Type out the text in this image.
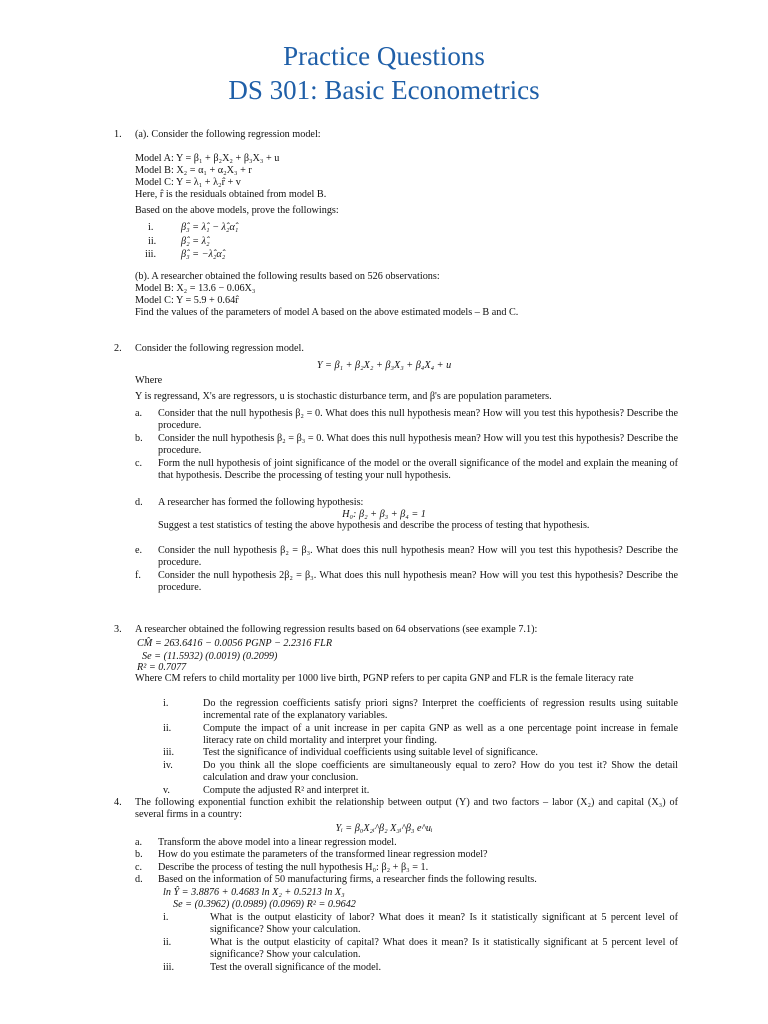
Practice Questions
DS 301: Basic Econometrics
1. (a). Consider the following regression model:
Model A: Y = β₁ + β₂X₂ + β₃X₃ + u
Model B: X₂ = α₁ + α₂X₃ + r
Model C: Y = λ₁ + λ₂r̂ + v
Here, r̂ is the residuals obtained from model B.
Based on the above models, prove the followings:
i.	β̂₃ = λ̂₁ − λ̂₂α̂₁
ii. β̂₂ = λ̂₂
iii. β̂₃ = −λ̂₂α̂₂
(b). A researcher obtained the following results based on 526 observations:
Model B: X₂ = 13.6 − 0.06X₃
Model C: Y = 5.9 + 0.64r̂
Find the values of the parameters of model A based on the above estimated models – B and C.
2. Consider the following regression model.
Y = β₁ + β₂X₂ + β₃X₃ + β₄X₄ + u
Where
Y is regressand, X's are regressors, u is stochastic disturbance term, and β's are population parameters.
a. Consider that the null hypothesis β₂ = 0. What does this null hypothesis mean? How will you test this hypothesis? Describe the procedure.
b. Consider the null hypothesis β₂ = β₃ = 0. What does this null hypothesis mean? How will you test this hypothesis? Describe the procedure.
c. Form the null hypothesis of joint significance of the model or the overall significance of the model and explain the meaning of that hypothesis. Describe the processing of testing your null hypothesis.
d. A researcher has formed the following hypothesis:
H₀: β₂ + β₃ + β₄ = 1
Suggest a test statistics of testing the above hypothesis and describe the process of testing that hypothesis.
e. Consider the null hypothesis β₂ = β₃. What does this null hypothesis mean? How will you test this hypothesis? Describe the procedure.
f. Consider the null hypothesis 2β₂ = β₃. What does this null hypothesis mean? How will you test this hypothesis? Describe the procedure.
3. A researcher obtained the following regression results based on 64 observations (see example 7.1):
CM̂ = 263.6416 − 0.0056 PGNP − 2.2316 FLR
Se = (11.5932) (0.0019) (0.2099)
R² = 0.7077
Where CM refers to child mortality per 1000 live birth, PGNP refers to per capita GNP and FLR is the female literacy rate
i.	Do the regression coefficients satisfy priori signs? Interpret the coefficients of regression results using suitable incremental rate of the explanatory variables.
ii.	Compute the impact of a unit increase in per capita GNP as well as a one percentage point increase in female literacy rate on child mortality and interpret your finding.
iii.	Test the significance of individual coefficients using suitable level of significance.
iv.	Do you think all the slope coefficients are simultaneously equal to zero? How do you test it? Show the detail calculation and draw your conclusion.
v.	Compute the adjusted R² and interpret it.
4. The following exponential function exhibit the relationship between output (Y) and two factors – labor (X₂) and capital (X₃) of several firms in a country:
Yᵢ = β₀X₂ᵢ^β₂ X₃ᵢ^β₃ e^uᵢ
a. Transform the above model into a linear regression model.
b. How do you estimate the parameters of the transformed linear regression model?
c. Describe the process of testing the null hypothesis H₀: β₂ + β₃ = 1.
d. Based on the information of 50 manufacturing firms, a researcher finds the following results.
ln Ŷ = 3.8876 + 0.4683 ln X₂ + 0.5213 ln X₃
Se = (0.3962) (0.0989) (0.0969) R² = 0.9642
i.	What is the output elasticity of labor? What does it mean? Is it statistically significant at 5 percent level of significance? Show your calculation.
ii.	What is the output elasticity of capital? What does it mean? Is it statistically significant at 5 percent level of significance? Show your calculation.
iii.	Test the overall significance of the model.
